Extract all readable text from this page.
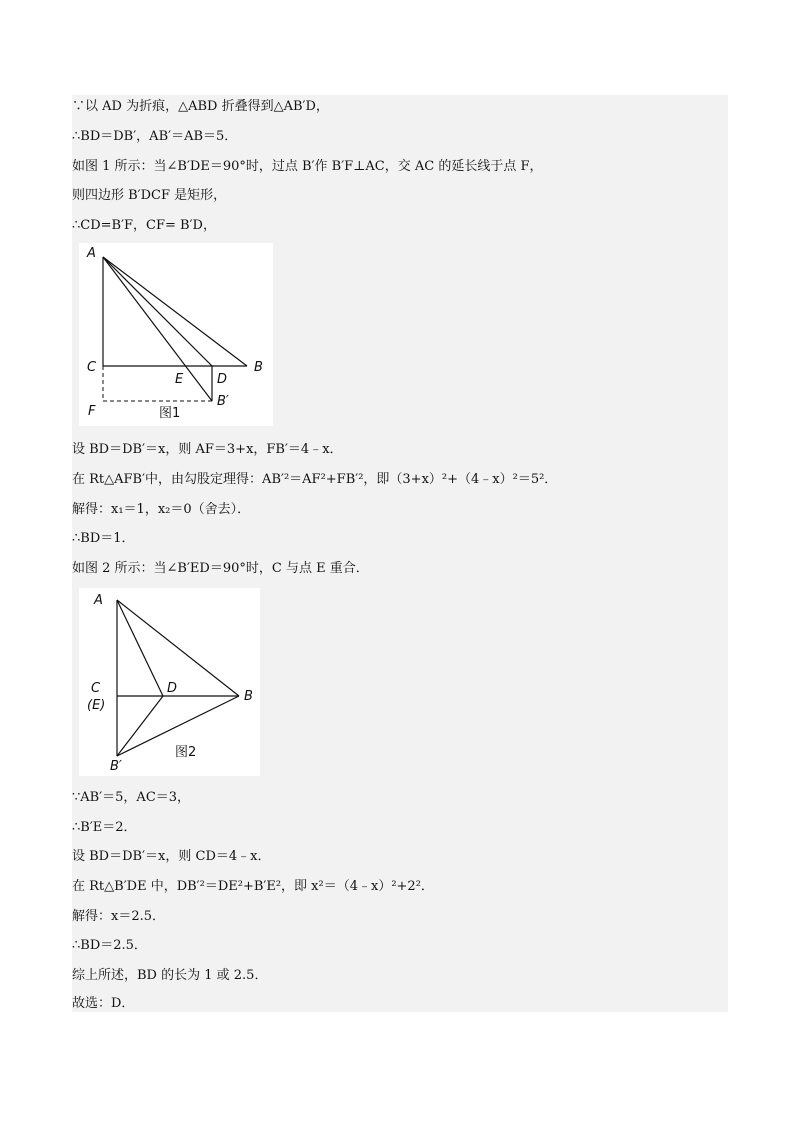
∵以 AD 为折痕，△ABD 折叠得到△AB′D，
∴BD＝DB′，AB′＝AB＝5．
如图 1 所示：当∠B′DE＝90°时，过点 B′作 B′F⊥AC，交 AC 的延长线于点 F，
则四边形 B′DCF 是矩形，
∴CD=B′F，CF= B′D，
A
C
E	D
B
F
B′
图1
设 BD＝DB′＝x，则 AF＝3+x，FB′＝4﹣x．
在 Rt△AFB′中，由勾股定理得：AB′²＝AF²+FB′²，即（3+x）²+（4﹣x）²＝5²．
解得：x₁＝1，x₂＝0（舍去）．
∴BD＝1．
如图 2 所示：当∠B′ED＝90°时，C 与点 E 重合．
A
C
(E)
D
B
B′
图2
∵AB′＝5，AC＝3，
∴B′E＝2．
设 BD＝DB′＝x，则 CD＝4﹣x．
在 Rt△B′DE 中，DB′²＝DE²+B′E²，即 x²＝（4﹣x）²+2²．
解得：x＝2.5．
∴BD＝2.5．
综上所述，BD 的长为 1 或 2.5．
故选：D．
